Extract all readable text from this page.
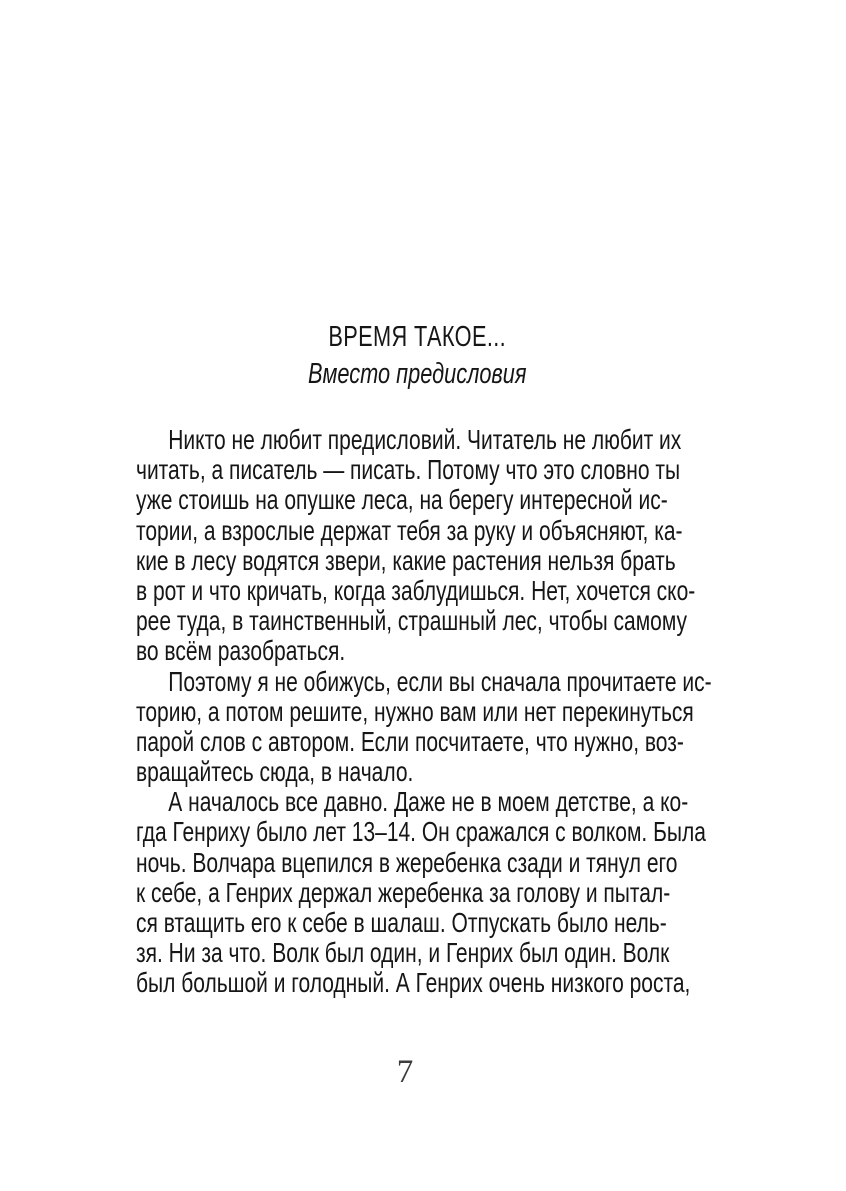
ВРЕМЯ ТАКОЕ...
Вместо предисловия
Никто не любит предисловий. Читатель не любит их
читать, а писатель — писать. Потому что это словно ты
уже стоишь на опушке леса, на берегу интересной ис-
тории, а взрослые держат тебя за руку и объясняют, ка-
кие в лесу водятся звери, какие растения нельзя брать
в рот и что кричать, когда заблудишься. Нет, хочется ско-
рее туда, в таинственный, страшный лес, чтобы самому
во всём разобраться.
Поэтому я не обижусь, если вы сначала прочитаете ис-
торию, а потом решите, нужно вам или нет перекинуться
парой слов с автором. Если посчитаете, что нужно, воз-
вращайтесь сюда, в начало.
А началось все давно. Даже не в моем детстве, а ко-
гда Генриху было лет 13–14. Он сражался с волком. Была
ночь. Волчара вцепился в жеребенка сзади и тянул его
к себе, а Генрих держал жеребенка за голову и пытал-
ся втащить его к себе в шалаш. Отпускать было нель-
зя. Ни за что. Волк был один, и Генрих был один. Волк
был большой и голодный. А Генрих очень низкого роста,
7
